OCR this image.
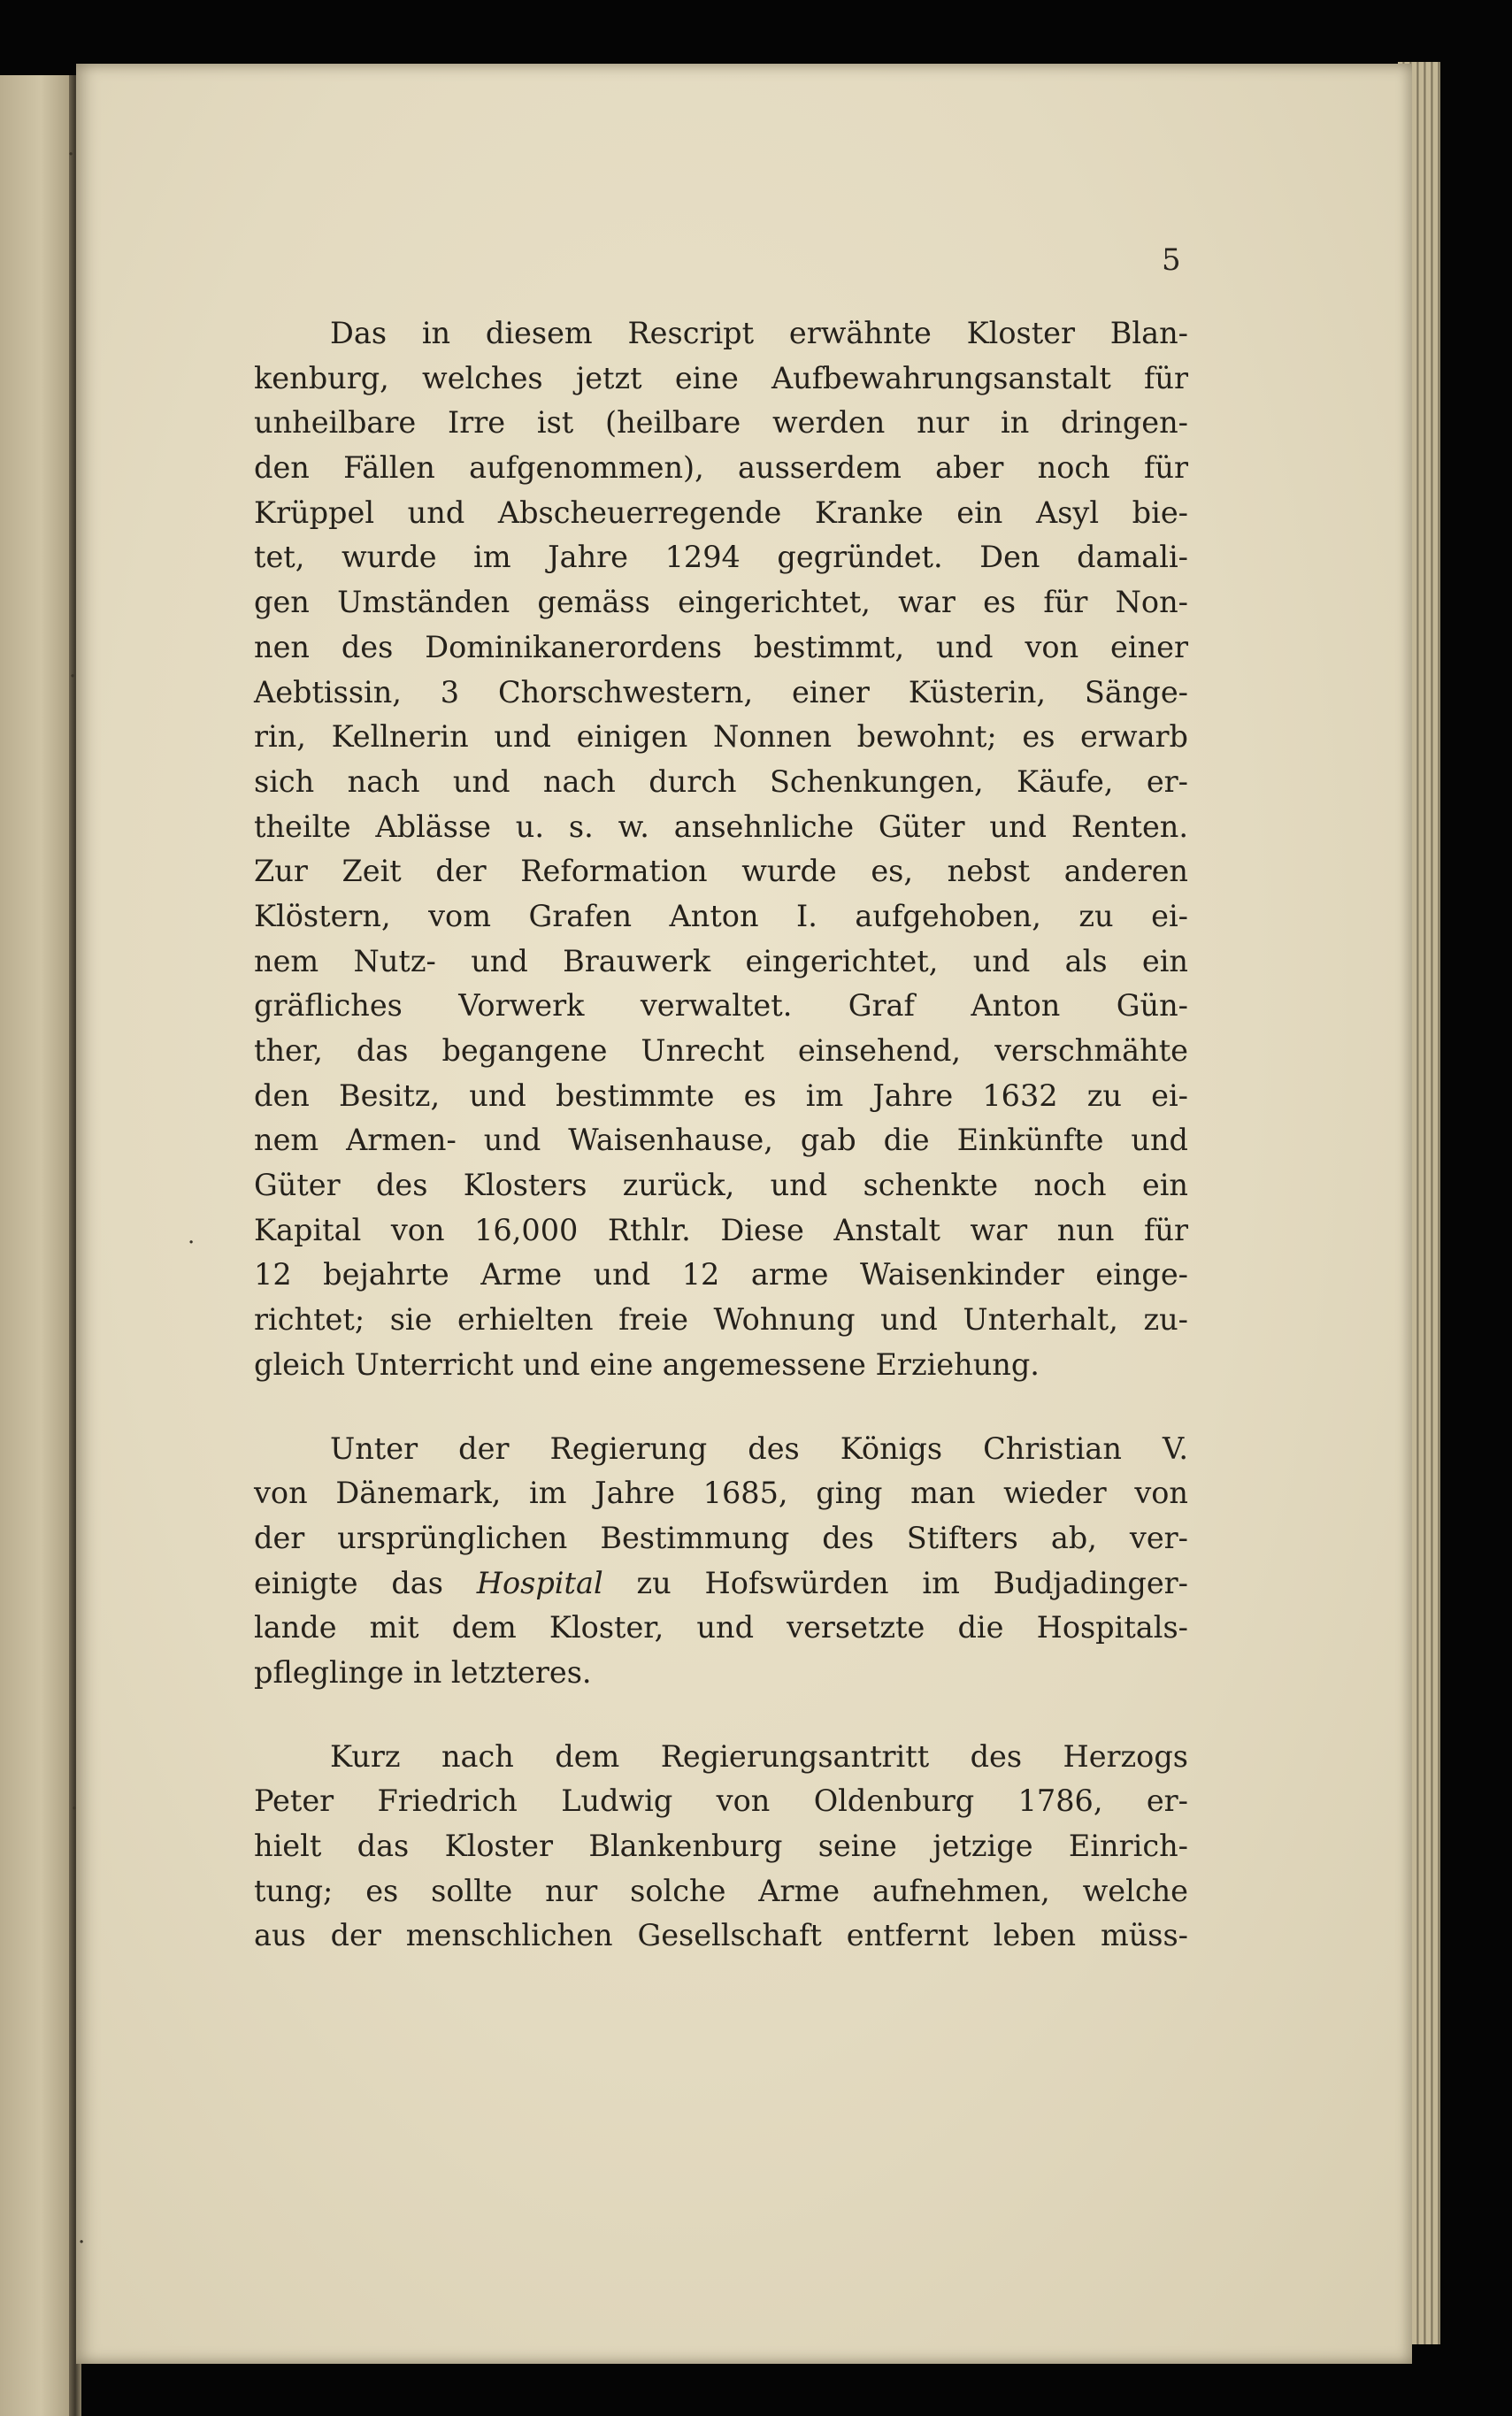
5
Das in diesem Rescript erwähnte Kloster Blan-
kenburg, welches jetzt eine Aufbewahrungsanstalt für
unheilbare Irre ist (heilbare werden nur in dringen-
den Fällen aufgenommen), ausserdem aber noch für
Krüppel und Abscheuerregende Kranke ein Asyl bie-
tet, wurde im Jahre 1294 gegründet. Den damali-
gen Umständen gemäss eingerichtet, war es für Non-
nen des Dominikanerordens bestimmt, und von einer
Aebtissin, 3 Chorschwestern, einer Küsterin, Sänge-
rin, Kellnerin und einigen Nonnen bewohnt; es erwarb
sich nach und nach durch Schenkungen, Käufe, er-
theilte Ablässe u. s. w. ansehnliche Güter und Renten.
Zur Zeit der Reformation wurde es, nebst anderen
Klöstern, vom Grafen Anton I. aufgehoben, zu ei-
nem Nutz- und Brauwerk eingerichtet, und als ein
gräfliches Vorwerk verwaltet. Graf Anton Gün-
ther, das begangene Unrecht einsehend, verschmähte
den Besitz, und bestimmte es im Jahre 1632 zu ei-
nem Armen- und Waisenhause, gab die Einkünfte und
Güter des Klosters zurück, und schenkte noch ein
Kapital von 16,000 Rthlr. Diese Anstalt war nun für
12 bejahrte Arme und 12 arme Waisenkinder einge-
richtet; sie erhielten freie Wohnung und Unterhalt, zu-
gleich Unterricht und eine angemessene Erziehung.
Unter der Regierung des Königs Christian V.
von Dänemark, im Jahre 1685, ging man wieder von
der ursprünglichen Bestimmung des Stifters ab, ver-
einigte das Hospital zu Hofswürden im Budjadinger-
lande mit dem Kloster, und versetzte die Hospitals-
pfleglinge in letzteres.
Kurz nach dem Regierungsantritt des Herzogs
Peter Friedrich Ludwig von Oldenburg 1786, er-
hielt das Kloster Blankenburg seine jetzige Einrich-
tung; es sollte nur solche Arme aufnehmen, welche
aus der menschlichen Gesellschaft entfernt leben müss-
·
·
·
·
·
